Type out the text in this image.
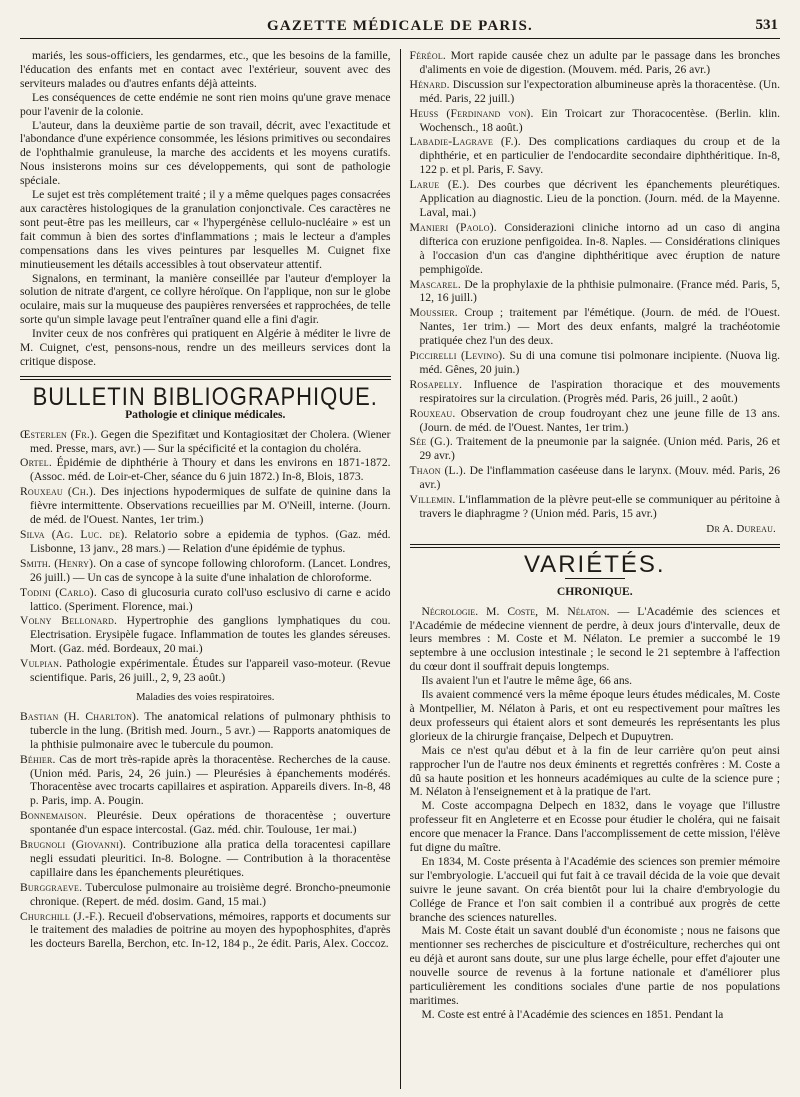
GAZETTE MÉDICALE DE PARIS.	531

mariés, les sous-officiers, les gendarmes, etc., que les besoins de la famille, l'éducation des enfants met en contact avec l'extérieur, souvent avec des serviteurs malades ou d'autres enfants déjà atteints.

Les conséquences de cette endémie ne sont rien moins qu'une grave menace pour l'avenir de la colonie.

L'auteur, dans la deuxième partie de son travail, décrit, avec l'exactitude et l'abondance d'une expérience consommée, les lésions primitives ou secondaires de l'ophthalmie granuleuse, la marche des accidents et les moyens curatifs. Nous insisterons moins sur ces développements, qui sont de pathologie spéciale.

Le sujet est très complétement traité ; il y a même quelques pages consacrées aux caractères histologiques de la granulation conjonctivale. Ces caractères ne sont peut-être pas les meilleurs, car « l'hypergénèse cellulo-nucléaire » est un fait commun à bien des sortes d'inflammations ; mais le lecteur a d'amples compensations dans les vives peintures par lesquelles M. Cuignet fixe minutieusement les détails accessibles à tout observateur attentif.

Signalons, en terminant, la manière conseillée par l'auteur d'employer la solution de nitrate d'argent, ce collyre héroïque. On l'applique, non sur le globe oculaire, mais sur la muqueuse des paupières renversées et rapprochées, de telle sorte qu'un simple lavage peut l'entraîner quand elle a fini d'agir.

Inviter ceux de nos confrères qui pratiquent en Algérie à méditer le livre de M. Cuignet, c'est, pensons-nous, rendre un des meilleurs services dont la critique dispose.

BULLETIN BIBLIOGRAPHIQUE.
Pathologie et clinique médicales.

Œsterlen (Fr.). Gegen die Spezifitæt und Kontagiositæt der Cholera. (Wiener med. Presse, mars, avr.) — Sur la spécificité et la contagion du choléra.

Ortel. Épidémie de diphthérie à Thoury et dans les environs en 1871-1872. (Assoc. méd. de Loir-et-Cher, séance du 6 juin 1872.) In-8, Blois, 1873.

Rouxeau (Ch.). Des injections hypodermiques de sulfate de quinine dans la fièvre intermittente. Observations recueillies par M. O'Neill, interne. (Journ. de méd. de l'Ouest. Nantes, 1er trim.)

Silva (Ag. Luc. de). Relatorio sobre a epidemia de typhos. (Gaz. méd. Lisbonne, 13 janv., 28 mars.) — Relation d'une épidémie de typhus.

Smith. (Henry). On a case of syncope following chloroform. (Lancet. Londres, 26 juill.) — Un cas de syncope à la suite d'une inhalation de chloroforme.

Todini (Carlo). Caso di glucosuria curato coll'uso esclusivo di carne e acido lattico. (Speriment. Florence, mai.)

Volny Bellonard. Hypertrophie des ganglions lymphatiques du cou. Electrisation. Erysipèle fugace. Inflammation de toutes les glandes séreuses. Mort. (Gaz. méd. Bordeaux, 20 mai.)

Vulpian. Pathologie expérimentale. Études sur l'appareil vaso-moteur. (Revue scientifique. Paris, 26 juill., 2, 9, 23 août.)

Maladies des voies respiratoires.

Bastian (H. Charlton). The anatomical relations of pulmonary phthisis to tubercle in the lung. (British med. Journ., 5 avr.) — Rapports anatomiques de la phthisie pulmonaire avec le tubercule du poumon.

Béhier. Cas de mort très-rapide après la thoracentèse. Recherches de la cause. (Union méd. Paris, 24, 26 juin.) — Pleurésies à épanchements modérés. Thoracentèse avec trocarts capillaires et aspiration. Appareils divers. In-8, 48 p. Paris, imp. A. Pougin.

Bonnemaison. Pleurésie. Deux opérations de thoracentèse ; ouverture spontanée d'un espace intercostal. (Gaz. méd. chir. Toulouse, 1er mai.)

Brugnoli (Giovanni). Contribuzione alla pratica della toracentesi capillare negli essudati pleuritici. In-8. Bologne. — Contribution à la thoracentèse capillaire dans les épanchements pleurétiques.

Burggraeve. Tuberculose pulmonaire au troisième degré. Broncho-pneumonie chronique. (Repert. de méd. dosim. Gand, 15 mai.)

Churchill (J.-F.). Recueil d'observations, mémoires, rapports et documents sur le traitement des maladies de poitrine au moyen des hypophosphites, d'après les docteurs Barella, Berchon, etc. In-12, 184 p., 2e édit. Paris, Alex. Coccoz.

Féréol. Mort rapide causée chez un adulte par le passage dans les bronches d'aliments en voie de digestion. (Mouvem. méd. Paris, 26 avr.)

Hénard. Discussion sur l'expectoration albumineuse après la thoracentèse. (Un. méd. Paris, 22 juill.)

Heuss (Ferdinand von). Ein Troicart zur Thoracocentèse. (Berlin. klin. Wochensch., 18 août.)

Labadie-Lagrave (F.). Des complications cardiaques du croup et de la diphthérie, et en particulier de l'endocardite secondaire diphthéritique. In-8, 122 p. et pl. Paris, F. Savy.

Larue (E.). Des courbes que décrivent les épanchements pleurétiques. Application au diagnostic. Lieu de la ponction. (Journ. méd. de la Mayenne. Laval, mai.)

Manieri (Paolo). Considerazioni cliniche intorno ad un caso di angina difterica con eruzione penfigoidea. In-8. Naples. — Considérations cliniques à l'occasion d'un cas d'angine diphthéritique avec éruption de nature pemphigoïde.

Mascarel. De la prophylaxie de la phthisie pulmonaire. (France méd. Paris, 5, 12, 16 juill.)

Moussier. Croup ; traitement par l'émétique. (Journ. de méd. de l'Ouest. Nantes, 1er trim.) — Mort des deux enfants, malgré la trachéotomie pratiquée chez l'un des deux.

Piccirelli (Levino). Su di una comune tisi polmonare incipiente. (Nuova lig. méd. Gênes, 20 juin.)

Rosapelly. Influence de l'aspiration thoracique et des mouvements respiratoires sur la circulation. (Progrès méd. Paris, 26 juill., 2 août.)

Rouxeau. Observation de croup foudroyant chez une jeune fille de 13 ans. (Journ. de méd. de l'Ouest. Nantes, 1er trim.)

Sée (G.). Traitement de la pneumonie par la saignée. (Union méd. Paris, 26 et 29 avr.)

Thaon (L.). De l'inflammation caséeuse dans le larynx. (Mouv. méd. Paris, 26 avr.)

Villemin. L'inflammation de la plèvre peut-elle se communiquer au péritoine à travers le diaphragme ? (Union méd. Paris, 15 avr.)

Dr A. Dureau.
VARIÉTÉS.
CHRONIQUE.

Nécrologie. M. Coste, M. Nélaton. — L'Académie des sciences et l'Académie de médecine viennent de perdre, à deux jours d'intervalle, deux de leurs membres : M. Coste et M. Nélaton. Le premier a succombé le 19 septembre à une occlusion intestinale ; le second le 21 septembre à l'affection du cœur dont il souffrait depuis longtemps.

Ils avaient l'un et l'autre le même âge, 66 ans.

Ils avaient commencé vers la même époque leurs études médicales, M. Coste à Montpellier, M. Nélaton à Paris, et ont eu respectivement pour maîtres les deux professeurs qui étaient alors et sont demeurés les représentants les plus glorieux de la chirurgie française, Delpech et Dupuytren.

Mais ce n'est qu'au début et à la fin de leur carrière qu'on peut ainsi rapprocher l'un de l'autre nos deux éminents et regrettés confrères : M. Coste a dû sa haute position et les honneurs académiques au culte de la science pure ; M. Nélaton à l'enseignement et à la pratique de l'art.

M. Coste accompagna Delpech en 1832, dans le voyage que l'illustre professeur fit en Angleterre et en Ecosse pour étudier le choléra, qui ne faisait encore que menacer la France. Dans l'accomplissement de cette mission, l'élève fut digne du maître.

En 1834, M. Coste présenta à l'Académie des sciences son premier mémoire sur l'embryologie. L'accueil qui fut fait à ce travail décida de la voie que devait suivre le jeune savant. On créa bientôt pour lui la chaire d'embryologie du Collége de France et l'on sait combien il a contribué aux progrès de cette branche des sciences naturelles.

Mais M. Coste était un savant doublé d'un économiste ; nous ne faisons que mentionner ses recherches de pisciculture et d'ostréiculture, recherches qui ont eu déjà et auront sans doute, sur une plus large échelle, pour effet d'ajouter une nouvelle source de revenus à la fortune nationale et d'améliorer plus particulièrement les conditions sociales d'une partie de nos populations maritimes.

M. Coste est entré à l'Académie des sciences en 1851. Pendant la
